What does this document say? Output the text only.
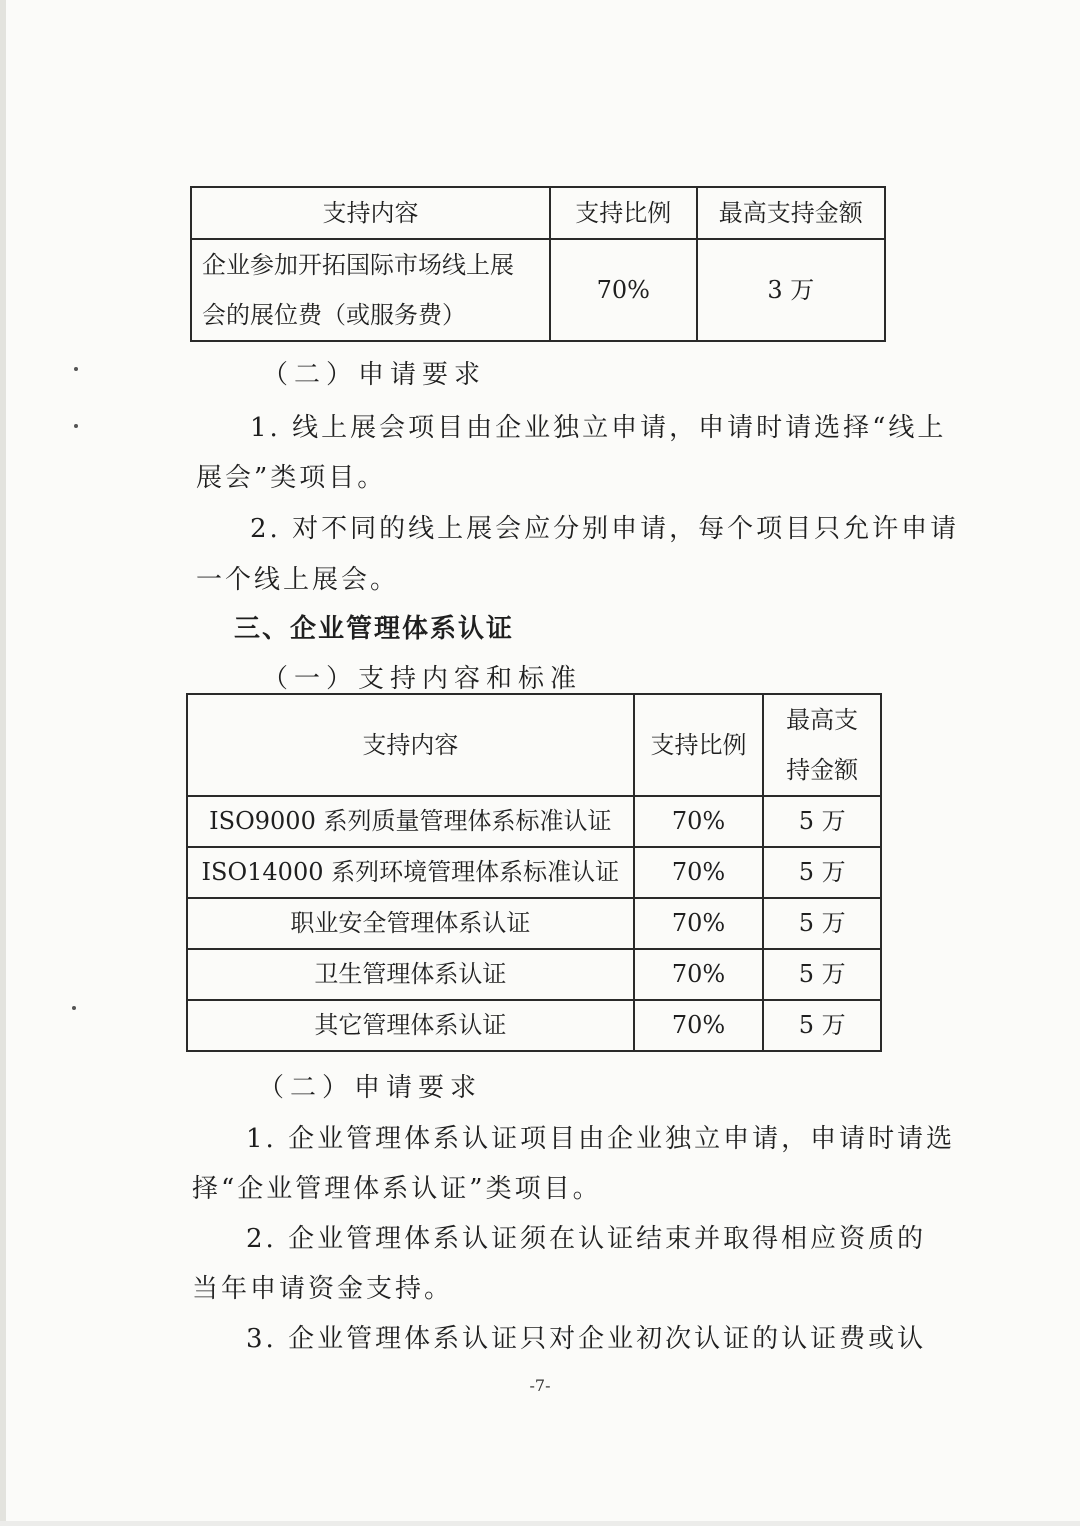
支持内容	支持比例	最高支持金额

企业参加开拓国际市场线上展
会的展位费（或服务费）	70%	3 万
（二）申请要求
1. 线上展会项目由企业独立申请，申请时请选择“线上
展会”类项目。
2. 对不同的线上展会应分别申请，每个项目只允许申请
一个线上展会。
三、企业管理体系认证
（一）支持内容和标准
支持内容	支持比例	最高支
持金额

ISO9000 系列质量管理体系标准认证	70%	5 万
ISO14000 系列环境管理体系标准认证	70%	5 万
职业安全管理体系认证	70%	5 万
卫生管理体系认证	70%	5 万
其它管理体系认证	70%	5 万
（二）申请要求
1. 企业管理体系认证项目由企业独立申请，申请时请选
择“企业管理体系认证”类项目。
2. 企业管理体系认证须在认证结束并取得相应资质的
当年申请资金支持。
3. 企业管理体系认证只对企业初次认证的认证费或认
-7-
